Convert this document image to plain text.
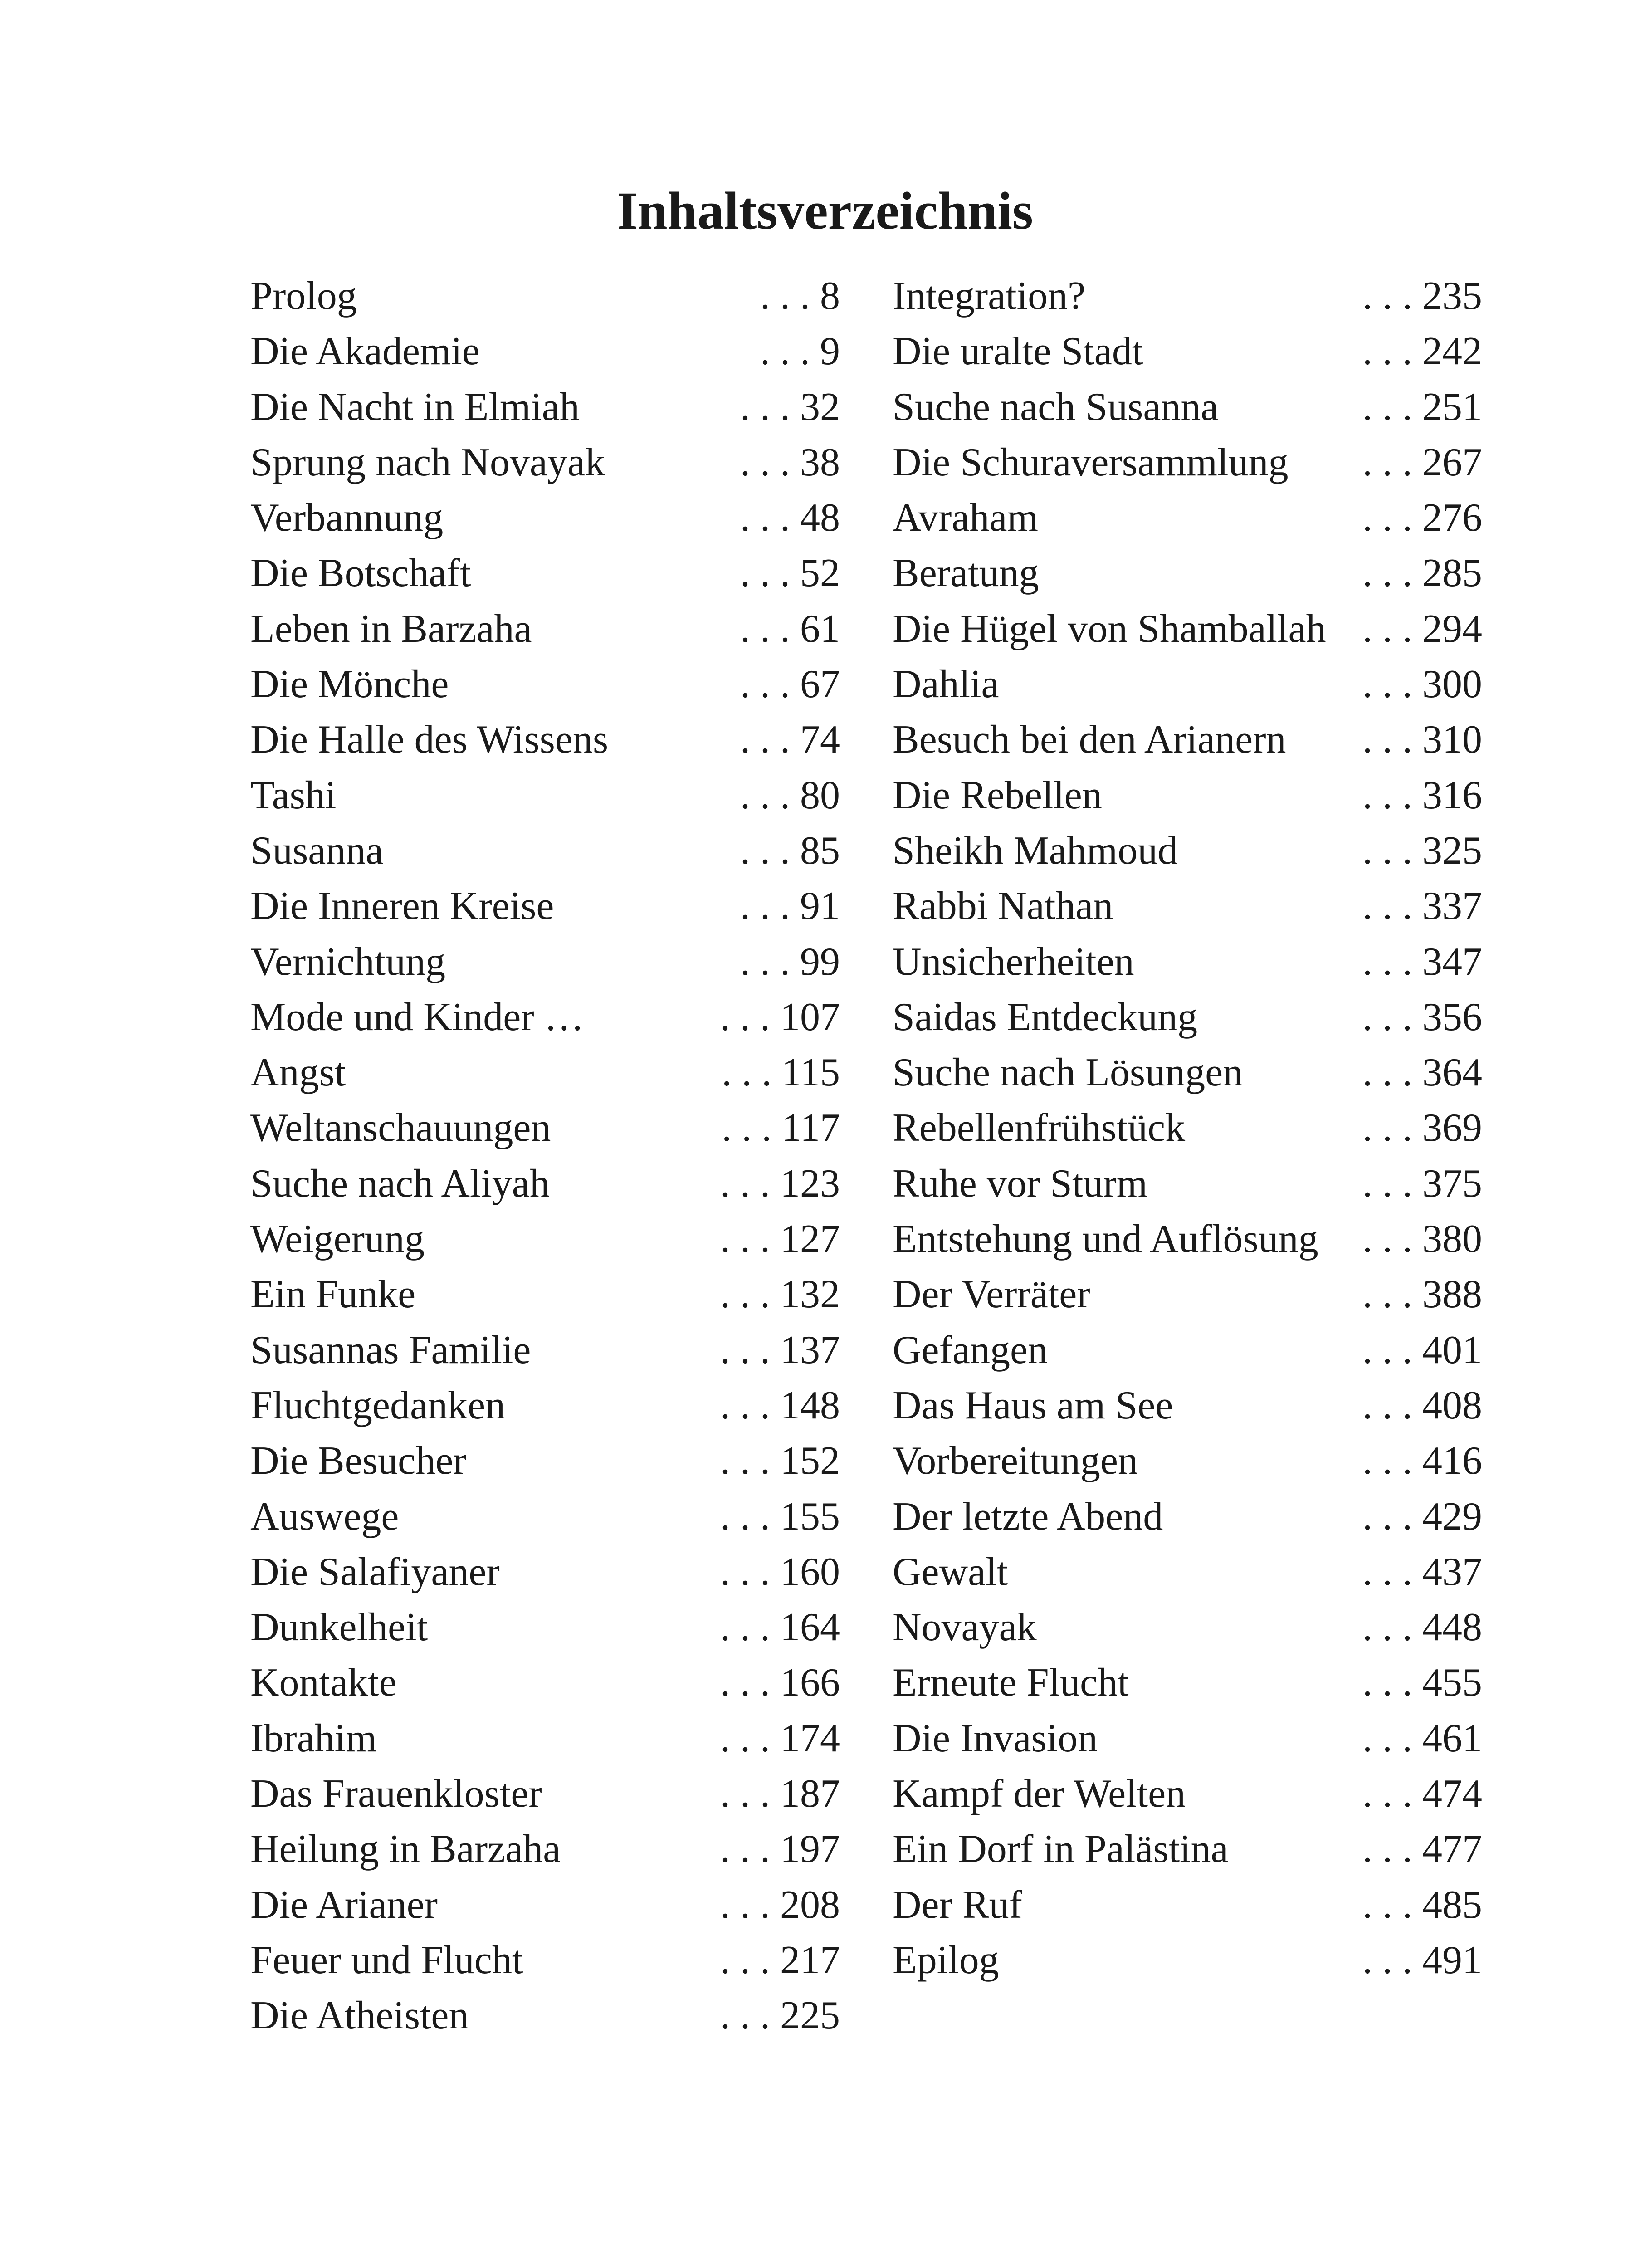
Inhaltsverzeichnis
Prolog	. . . 8
Die Akademie	. . . 9
Die Nacht in Elmiah	. . . 32
Sprung nach Novayak	. . . 38
Verbannung	. . . 48
Die Botschaft	. . . 52
Leben in Barzaha	. . . 61
Die Mönche	. . . 67
Die Halle des Wissens	. . . 74
Tashi	. . . 80
Susanna	. . . 85
Die Inneren Kreise	. . . 91
Vernichtung	. . . 99
Mode und Kinder …	. . . 107
Angst	. . . 115
Weltanschauungen	. . . 117
Suche nach Aliyah	. . . 123
Weigerung	. . . 127
Ein Funke	. . . 132
Susannas Familie	. . . 137
Fluchtgedanken	. . . 148
Die Besucher	. . . 152
Auswege	. . . 155
Die Salafiyaner	. . . 160
Dunkelheit	. . . 164
Kontakte	. . . 166
Ibrahim	. . . 174
Das Frauenkloster	. . . 187
Heilung in Barzaha	. . . 197
Die Arianer	. . . 208
Feuer und Flucht	. . . 217
Die Atheisten	. . . 225
Integration?	. . . 235
Die uralte Stadt	. . . 242
Suche nach Susanna	. . . 251
Die Schuraversammlung . . . 267
Avraham	. . . 276
Beratung	. . . 285
Die Hügel von Shamballah . . . 294
Dahlia	. . . 300
Besuch bei den Arianern . . . 310
Die Rebellen	. . . 316
Sheikh Mahmoud	. . . 325
Rabbi Nathan	. . . 337
Unsicherheiten	. . . 347
Saidas Entdeckung	. . . 356
Suche nach Lösungen	. . . 364
Rebellenfrühstück	. . . 369
Ruhe vor Sturm	. . . 375
Entstehung und Auflösung . . . 380
Der Verräter	. . . 388
Gefangen	. . . 401
Das Haus am See	. . . 408
Vorbereitungen	. . . 416
Der letzte Abend	. . . 429
Gewalt	. . . 437
Novayak	. . . 448
Erneute Flucht	. . . 455
Die Invasion	. . . 461
Kampf der Welten	. . . 474
Ein Dorf in Palästina	. . . 477
Der Ruf	. . . 485
Epilog	. . . 491
